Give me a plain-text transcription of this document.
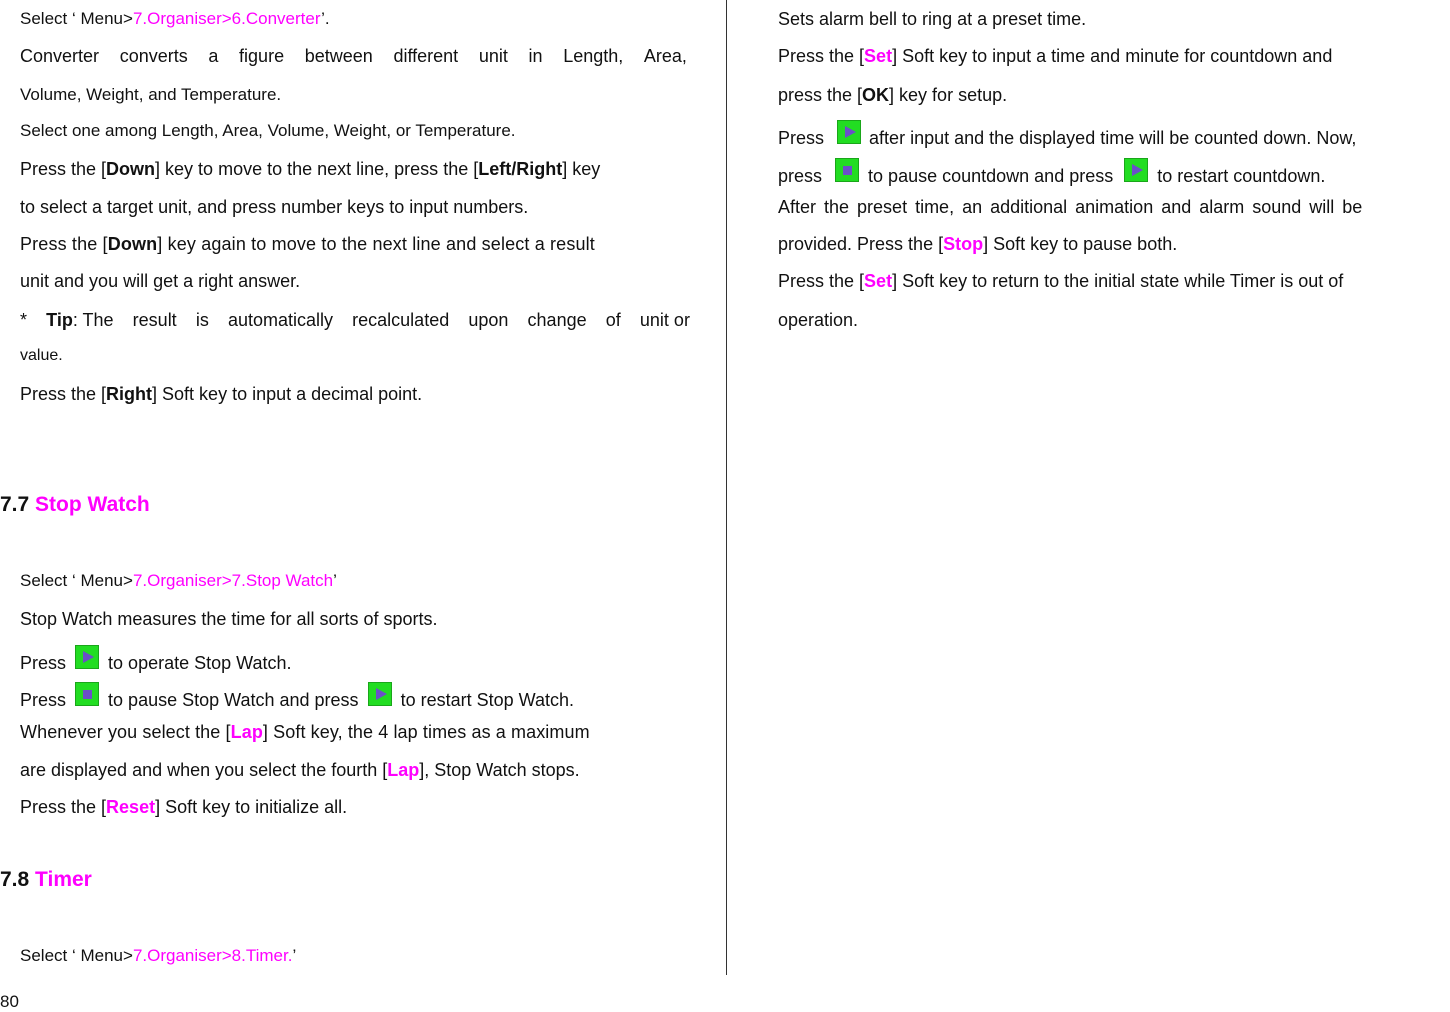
Select ‘ Menu>7.Organiser>6.Converter’.
Converter converts a figure between different unit in Length, Area,
Volume, Weight, and Temperature.
Select one among Length, Area, Volume, Weight, or Temperature.
Press the [Down] key to move to the next line, press the [Left/Right] key
to select a target unit, and press number keys to input numbers.
Press the [Down] key again to move to the next line and select a result
unit and you will get a right answer.
* Tip: The result is automatically recalculated upon change of unit or
value.
Press the [Right] Soft key to input a decimal point.
7.7 Stop Watch
Select ‘ Menu>7.Organiser>7.Stop Watch’
Stop Watch measures the time for all sorts of sports.
Press to operate Stop Watch.
Press to pause Stop Watch and press to restart Stop Watch.
Whenever you select the [Lap] Soft key, the 4 lap times as a maximum
are displayed and when you select the fourth [Lap], Stop Watch stops.
Press the [Reset] Soft key to initialize all.
7.8 Timer
Select ‘ Menu>7.Organiser>8.Timer.’
80
Sets alarm bell to ring at a preset time.
Press the [Set] Soft key to input a time and minute for countdown and
press the [OK] key for setup.
Press	after input and the displayed time will be counted down. Now,
press	to pause countdown and press to restart countdown.
After the preset time, an additional animation and alarm sound will be
provided. Press the [Stop] Soft key to pause both.
Press the [Set] Soft key to return to the initial state while Timer is out of
operation.
